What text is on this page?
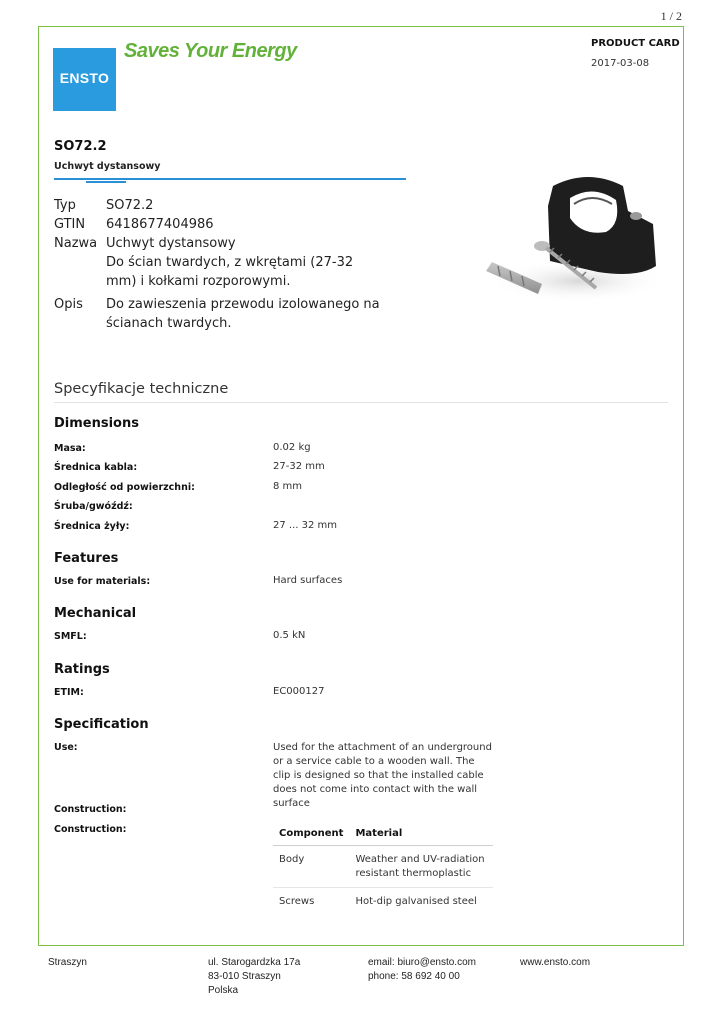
1 / 2
ENSTO
Saves Your Energy	PRODUCT CARD
2017-03-08
SO72.2
Uchwyt dystansowy
Typ	SO72.2
GTIN	6418677404986
Nazwa Uchwyt dystansowy
Do ścian twardych, z wkrętami (27-32 mm) i kołkami rozporowymi.
Opis	Do zawieszenia przewodu izolowanego na ścianach twardych.
Specyfikacje techniczne
Dimensions
Masa:	0.02 kg
Średnica kabla:	27-32 mm
Odległość od powierzchni:	8 mm
Śruba/gwóźdź:
Średnica żyły:	27 ... 32 mm
Features
Use for materials:	Hard surfaces
Mechanical
SMFL:	0.5 kN
Ratings
ETIM:	EC000127
Specification
Use:	Used for the attachment of an underground or a service cable to a wooden wall. The clip is designed so that the installed cable does not come into contact with the wall surface
Construction:
Construction:	Component	Material
Body	Weather and UV-radiation resistant thermoplastic
Screws	Hot-dip galvanised steel
Straszyn	ul. Starogardzka 17a
83-010 Straszyn
Polska
email: biuro@ensto.com
phone: 58 692 40 00
www.ensto.com
